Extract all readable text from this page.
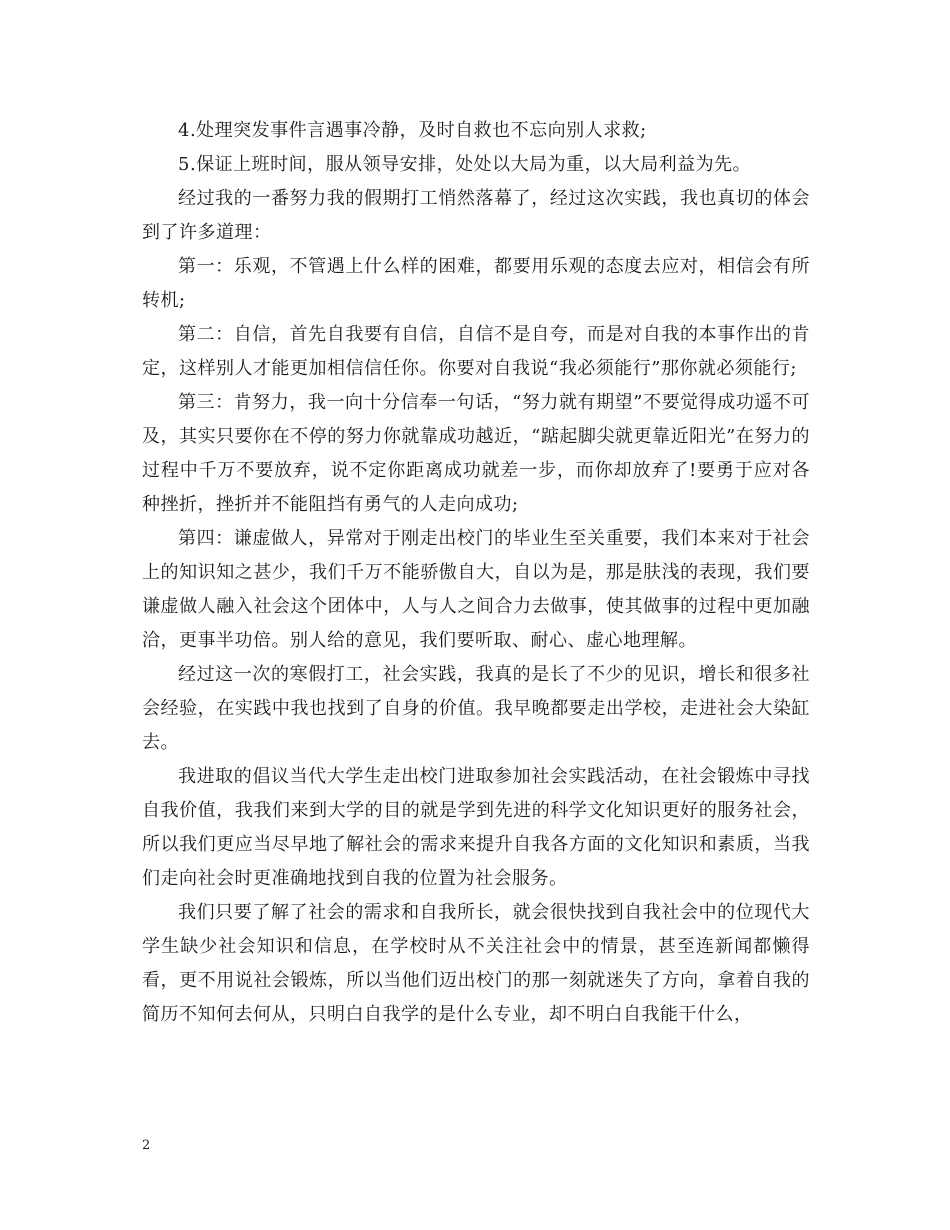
4.处理突发事件言遇事冷静，及时自救也不忘向别人求救;

5.保证上班时间，服从领导安排，处处以大局为重，以大局利益为先。

经过我的一番努力我的假期打工悄然落幕了，经过这次实践，我也真切的体会到了许多道理：

第一：乐观，不管遇上什么样的困难，都要用乐观的态度去应对，相信会有所转机;

第二：自信，首先自我要有自信，自信不是自夸，而是对自我的本事作出的肯定，这样别人才能更加相信信任你。你要对自我说“我必须能行”那你就必须能行;

第三：肯努力，我一向十分信奉一句话，“努力就有期望”不要觉得成功遥不可及，其实只要你在不停的努力你就靠成功越近，“踮起脚尖就更靠近阳光”在努力的过程中千万不要放弃，说不定你距离成功就差一步，而你却放弃了!要勇于应对各种挫折，挫折并不能阻挡有勇气的人走向成功;

第四：谦虚做人，异常对于刚走出校门的毕业生至关重要，我们本来对于社会上的知识知之甚少，我们千万不能骄傲自大，自以为是，那是肤浅的表现，我们要谦虚做人融入社会这个团体中，人与人之间合力去做事，使其做事的过程中更加融洽，更事半功倍。别人给的意见，我们要听取、耐心、虚心地理解。

经过这一次的寒假打工，社会实践，我真的是长了不少的见识，增长和很多社会经验，在实践中我也找到了自身的价值。我早晚都要走出学校，走进社会大染缸去。

我进取的倡议当代大学生走出校门进取参加社会实践活动，在社会锻炼中寻找自我价值，我我们来到大学的目的就是学到先进的科学文化知识更好的服务社会，所以我们更应当尽早地了解社会的需求来提升自我各方面的文化知识和素质，当我们走向社会时更准确地找到自我的位置为社会服务。

我们只要了解了社会的需求和自我所长，就会很快找到自我社会中的位现代大学生缺少社会知识和信息，在学校时从不关注社会中的情景，甚至连新闻都懒得看，更不用说社会锻炼，所以当他们迈出校门的那一刻就迷失了方向，拿着自我的简历不知何去何从，只明白自我学的是什么专业，却不明白自我能干什么，

2
